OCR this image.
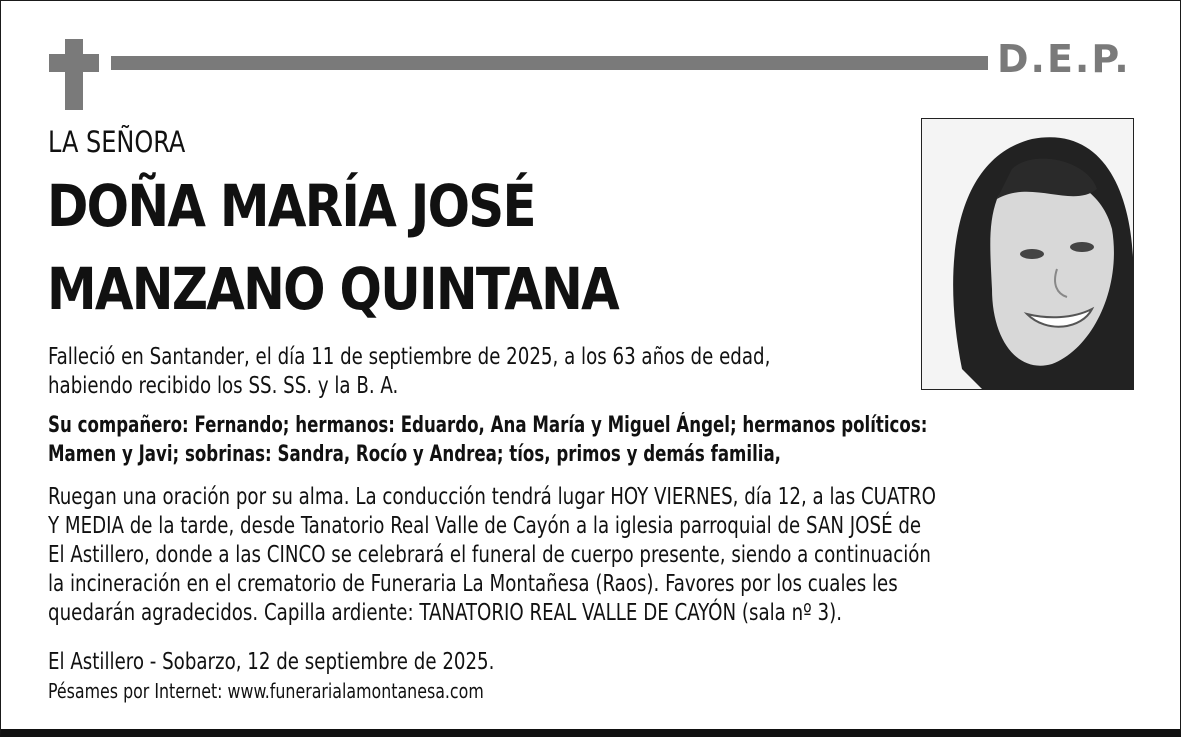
D.E.P.
LA SEÑORA
DOÑA MARÍA JOSÉ
MANZANO QUINTANA
Falleció en Santander, el día 11 de septiembre de 2025, a los 63 años de edad,
habiendo recibido los SS. SS. y la B. A.
Su compañero: Fernando; hermanos: Eduardo, Ana María y Miguel Ángel; hermanos políticos:
Mamen y Javi; sobrinas: Sandra, Rocío y Andrea; tíos, primos y demás familia,
Ruegan una oración por su alma. La conducción tendrá lugar HOY VIERNES, día 12, a las CUATRO
Y MEDIA de la tarde, desde Tanatorio Real Valle de Cayón a la iglesia parroquial de SAN JOSÉ de
El Astillero, donde a las CINCO se celebrará el funeral de cuerpo presente, siendo a continuación
la incineración en el crematorio de Funeraria La Montañesa (Raos). Favores por los cuales les
quedarán agradecidos. Capilla ardiente: TANATORIO REAL VALLE DE CAYÓN (sala nº 3).
El Astillero - Sobarzo, 12 de septiembre de 2025.
Pésames por Internet: www.funerarialamontanesa.com
